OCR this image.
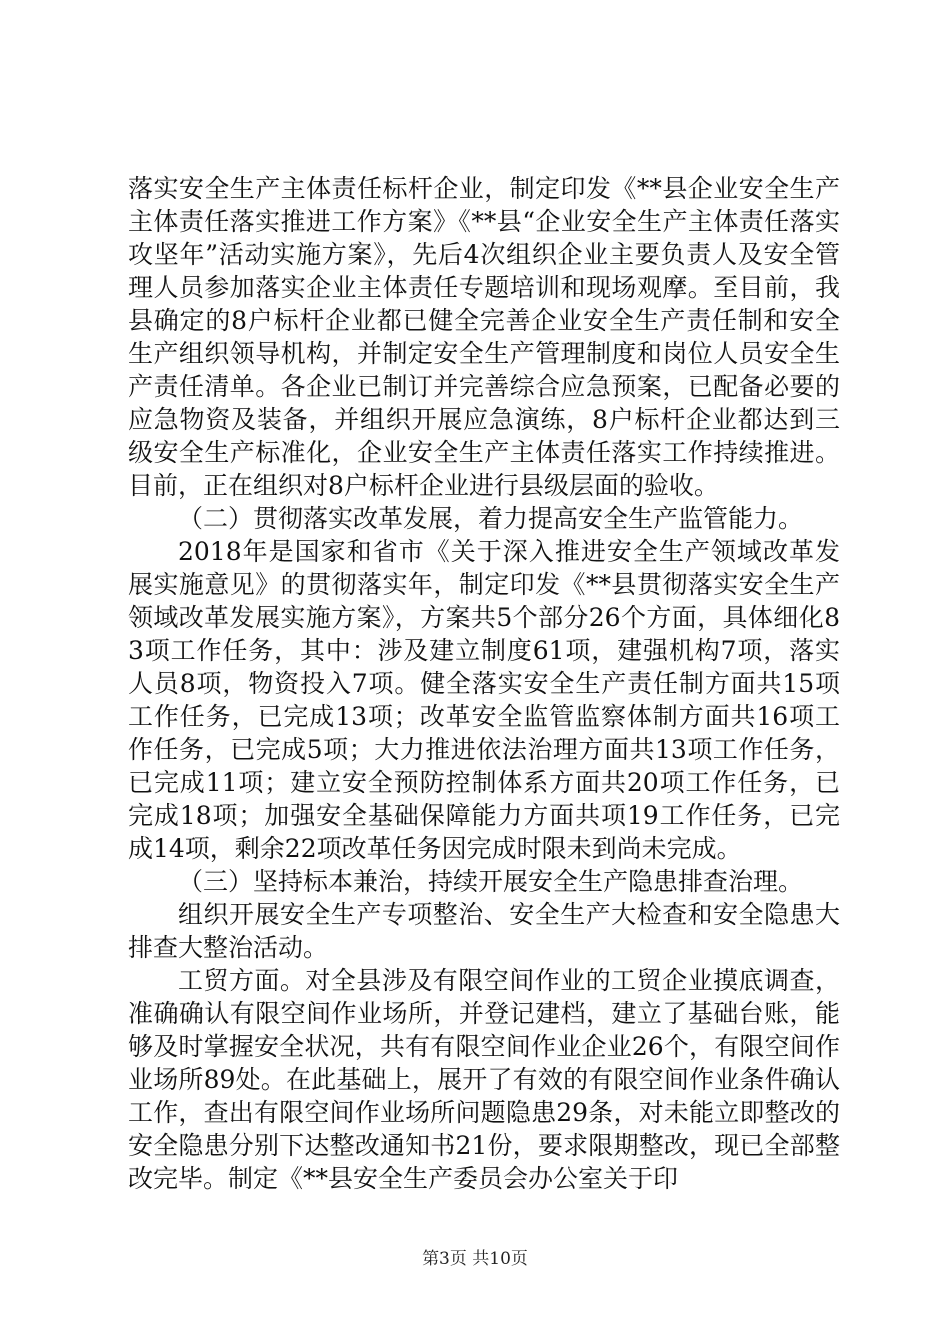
落实安全生产主体责任标杆企业，制定印发《**县企业安全生产主体责任落实推进工作方案》《**县“企业安全生产主体责任落实攻坚年”活动实施方案》，先后4次组织企业主要负责人及安全管理人员参加落实企业主体责任专题培训和现场观摩。至目前，我县确定的8户标杆企业都已健全完善企业安全生产责任制和安全生产组织领导机构，并制定安全生产管理制度和岗位人员安全生产责任清单。各企业已制订并完善综合应急预案，已配备必要的应急物资及装备，并组织开展应急演练，8户标杆企业都达到三级安全生产标准化，企业安全生产主体责任落实工作持续推进。目前，正在组织对8户标杆企业进行县级层面的验收。

（二）贯彻落实改革发展，着力提高安全生产监管能力。

2018年是国家和省市《关于深入推进安全生产领域改革发展实施意见》的贯彻落实年，制定印发《**县贯彻落实安全生产领域改革发展实施方案》，方案共5个部分26个方面，具体细化83项工作任务，其中：涉及建立制度61项，建强机构7项，落实人员8项，物资投入7项。健全落实安全生产责任制方面共15项工作任务，已完成13项；改革安全监管监察体制方面共16项工作任务，已完成5项；大力推进依法治理方面共13项工作任务，已完成11项；建立安全预防控制体系方面共20项工作任务，已完成18项；加强安全基础保障能力方面共项19工作任务，已完成14项，剩余22项改革任务因完成时限未到尚未完成。

（三）坚持标本兼治，持续开展安全生产隐患排查治理。

组织开展安全生产专项整治、安全生产大检查和安全隐患大排查大整治活动。

工贸方面。对全县涉及有限空间作业的工贸企业摸底调查，准确确认有限空间作业场所，并登记建档，建立了基础台账，能够及时掌握安全状况，共有有限空间作业企业26个，有限空间作业场所89处。在此基础上，展开了有效的有限空间作业条件确认工作，查出有限空间作业场所问题隐患29条，对未能立即整改的安全隐患分别下达整改通知书21份，要求限期整改，现已全部整改完毕。制定《**县安全生产委员会办公室关于印

第3页 共10页
